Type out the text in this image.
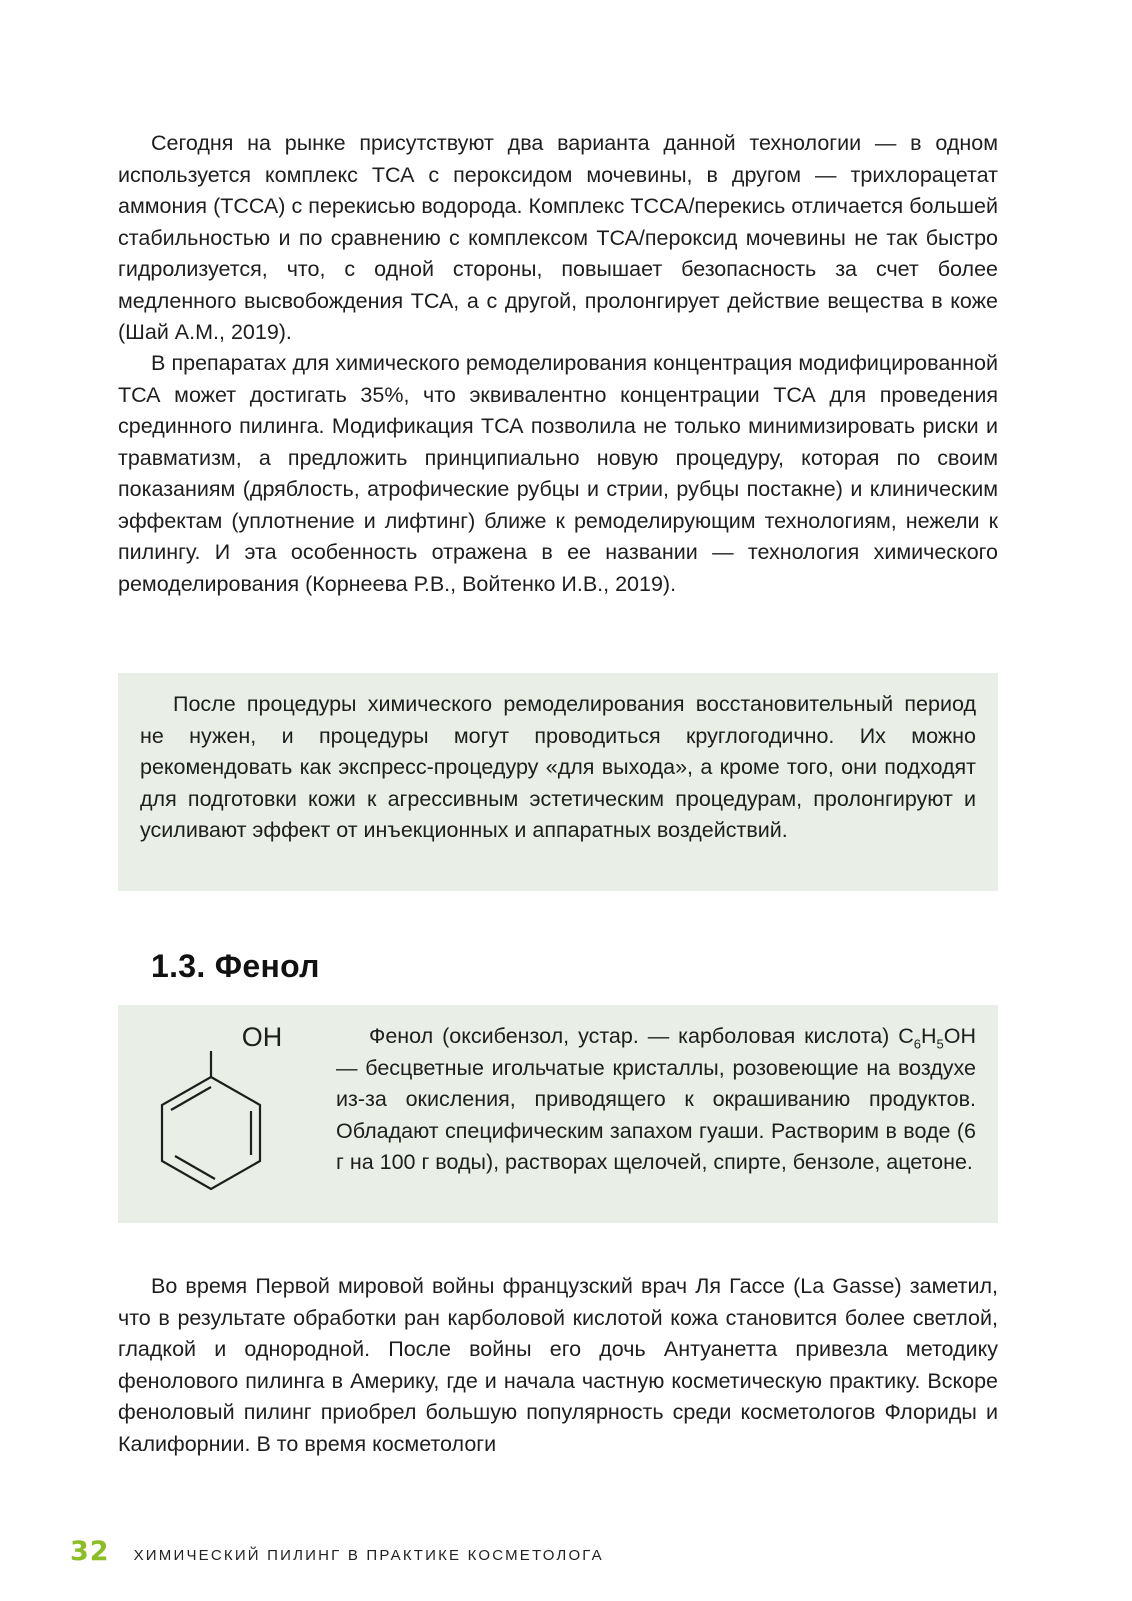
Сегодня на рынке присутствуют два варианта данной технологии — в одном используется комплекс ТСА с пероксидом мочевины, в другом — трихлорацетат аммония (ТССА) с перекисью водорода. Комплекс ТССА/перекись отличается большей стабильностью и по сравнению с комплексом ТСА/пероксид мочевины не так быстро гидролизуется, что, с одной стороны, повышает безопасность за счет более медленного высвобождения ТСА, а с другой, пролонгирует действие вещества в коже (Шай А.М., 2019).

В препаратах для химического ремоделирования концентрация модифицированной ТСА может достигать 35%, что эквивалентно концентрации ТСА для проведения срединного пилинга. Модификация ТСА позволила не только минимизировать риски и травматизм, а предложить принципиально новую процедуру, которая по своим показаниям (дряблость, атрофические рубцы и стрии, рубцы постакне) и клиническим эффектам (уплотнение и лифтинг) ближе к ремоделирующим технологиям, нежели к пилингу. И эта особенность отражена в ее названии — технология химического ремоделирования (Корнеева Р.В., Войтенко И.В., 2019).

После процедуры химического ремоделирования восстановительный период не нужен, и процедуры могут проводиться круглогодично. Их можно рекомендовать как экспресс-процедуру «для выхода», а кроме того, они подходят для подготовки кожи к агрессивным эстетическим процедурам, пролонгируют и усиливают эффект от инъекционных и аппаратных воздействий.

1.3. Фенол
OH	Фенол (оксибензол, устар. — карболовая кислота) $C_6H_5OH$ — бесцветные игольчатые кристаллы, розовеющие на воздухе из-за окисления, приводящего к окрашиванию продуктов. Обладают специфическим запахом гуаши. Растворим в воде (6 г на 100 г воды), растворах щелочей, спирте, бензоле, ацетоне.

Во время Первой мировой войны французский врач Ля Гассе (La Gasse) заметил, что в результате обработки ран карболовой кислотой кожа становится более светлой, гладкой и однородной. После войны его дочь Антуанетта привезла методику фенолового пилинга в Америку, где и начала частную косметическую практику. Вскоре феноловый пилинг приобрел большую популярность среди косметологов Флориды и Калифорнии. В то время косметологи

32 ХИМИЧЕСКИЙ ПИЛИНГ В ПРАКТИКЕ КОСМЕТОЛОГА
